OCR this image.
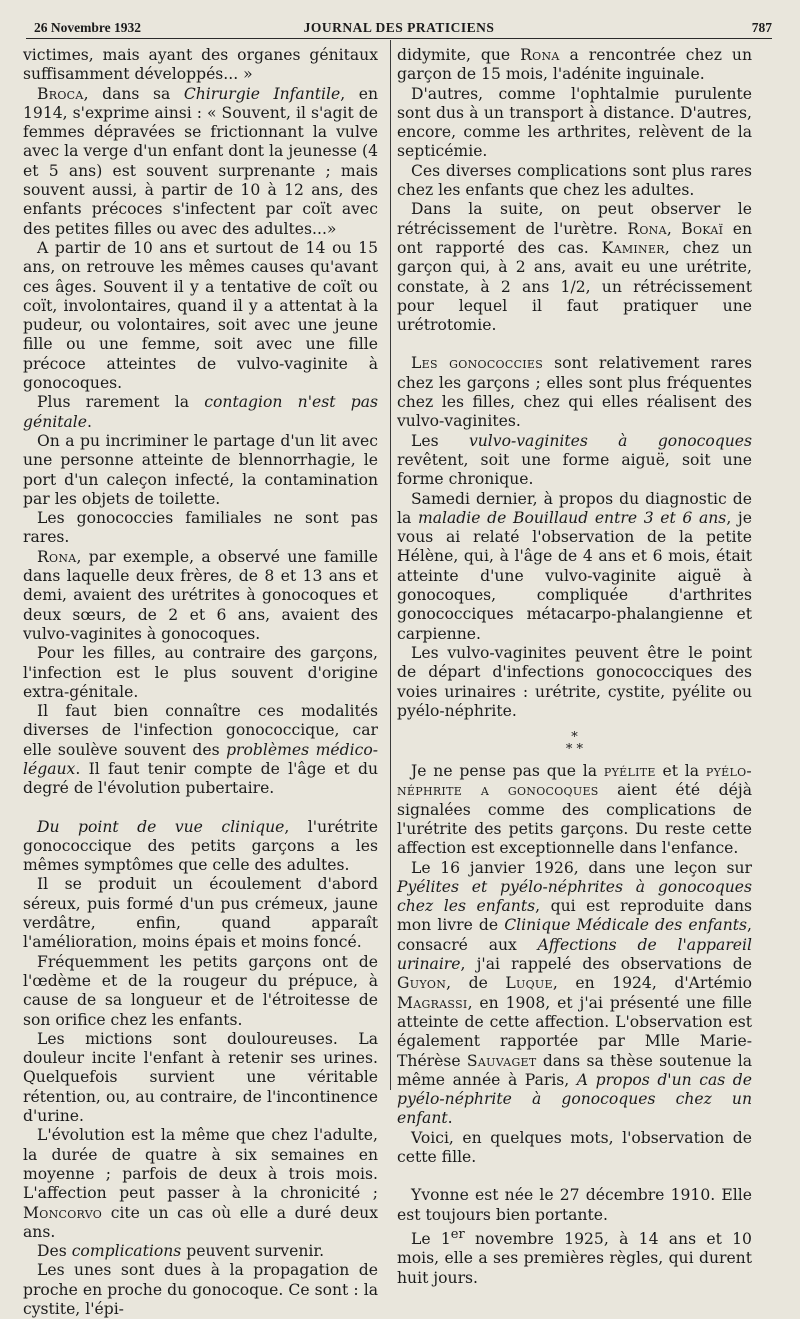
26 Novembre 1932	JOURNAL DES PRATICIENS	787

victimes, mais ayant des organes génitaux suffisamment développés... »

Broca, dans sa Chirurgie Infantile, en 1914, s'exprime ainsi : « Souvent, il s'agit de femmes dépravées se frictionnant la vulve avec la verge d'un enfant dont la jeunesse (4 et 5 ans) est souvent surprenante ; mais souvent aussi, à partir de 10 à 12 ans, des enfants précoces s'infectent par coït avec des petites filles ou avec des adultes...»

A partir de 10 ans et surtout de 14 ou 15 ans, on retrouve les mêmes causes qu'avant ces âges. Souvent il y a tentative de coït ou coït, involontaires, quand il y a attentat à la pudeur, ou volontaires, soit avec une jeune fille ou une femme, soit avec une fille précoce atteintes de vulvo-vaginite à gonocoques.

Plus rarement la contagion n'est pas génitale.

On a pu incriminer le partage d'un lit avec une personne atteinte de blennorrhagie, le port d'un caleçon infecté, la contamination par les objets de toilette.

Les gonococcies familiales ne sont pas rares.

Rona, par exemple, a observé une famille dans laquelle deux frères, de 8 et 13 ans et demi, avaient des urétrites à gonocoques et deux sœurs, de 2 et 6 ans, avaient des vulvo-vaginites à gonocoques.

Pour les filles, au contraire des garçons, l'infection est le plus souvent d'origine extra-génitale.

Il faut bien connaître ces modalités diverses de l'infection gonococcique, car elle soulève souvent des problèmes médico-légaux. Il faut tenir compte de l'âge et du degré de l'évolution pubertaire.

Du point de vue clinique, l'urétrite gonococcique des petits garçons a les mêmes symptômes que celle des adultes.

Il se produit un écoulement d'abord séreux, puis formé d'un pus crémeux, jaune verdâtre, enfin, quand apparaît l'amélioration, moins épais et moins foncé.

Fréquemment les petits garçons ont de l'œdème et de la rougeur du prépuce, à cause de sa longueur et de l'étroitesse de son orifice chez les enfants.

Les mictions sont douloureuses. La douleur incite l'enfant à retenir ses urines. Quelquefois survient une véritable rétention, ou, au contraire, de l'incontinence d'urine.

L'évolution est la même que chez l'adulte, la durée de quatre à six semaines en moyenne ; parfois de deux à trois mois. L'affection peut passer à la chronicité ; Moncorvo cite un cas où elle a duré deux ans.

Des complications peuvent survenir.

Les unes sont dues à la propagation de proche en proche du gonocoque. Ce sont : la cystite, l'épi-

didymite, que Rona a rencontrée chez un garçon de 15 mois, l'adénite inguinale.

D'autres, comme l'ophtalmie purulente sont dus à un transport à distance. D'autres, encore, comme les arthrites, relèvent de la septicémie.

Ces diverses complications sont plus rares chez les enfants que chez les adultes.

Dans la suite, on peut observer le rétrécissement de l'urètre. Rona, Bokaï en ont rapporté des cas. Kaminer, chez un garçon qui, à 2 ans, avait eu une urétrite, constate, à 2 ans 1/2, un rétrécissement pour lequel il faut pratiquer une urétrotomie.

Les gonococcies sont relativement rares chez les garçons ; elles sont plus fréquentes chez les filles, chez qui elles réalisent des vulvo-vaginites.

Les vulvo-vaginites à gonocoques revêtent, soit une forme aiguë, soit une forme chronique.

Samedi dernier, à propos du diagnostic de la maladie de Bouillaud entre 3 et 6 ans, je vous ai relaté l'observation de la petite Hélène, qui, à l'âge de 4 ans et 6 mois, était atteinte d'une vulvo-vaginite aiguë à gonocoques, compliquée d'arthrites gonococciques métacarpo-phalangienne et carpienne.

Les vulvo-vaginites peuvent être le point de départ d'infections gonococciques des voies urinaires : urétrite, cystite, pyélite ou pyélo-néphrite.

*
* *

Je ne pense pas que la pyélite et la pyélo-néphrite a gonocoques aient été déjà signalées comme des complications de l'urétrite des petits garçons. Du reste cette affection est exceptionnelle dans l'enfance.

Le 16 janvier 1926, dans une leçon sur Pyélites et pyélo-néphrites à gonocoques chez les enfants, qui est reproduite dans mon livre de Clinique Médicale des enfants, consacré aux Affections de l'appareil urinaire, j'ai rappelé des observations de Guyon, de Luque, en 1924, d'Artémio Magrassi, en 1908, et j'ai présenté une fille atteinte de cette affection. L'observation est également rapportée par Mlle Marie-Thérèse Sauvaget dans sa thèse soutenue la même année à Paris, A propos d'un cas de pyélo-néphrite à gonocoques chez un enfant.

Voici, en quelques mots, l'observation de cette fille.

Yvonne est née le 27 décembre 1910. Elle est toujours bien portante.

Le 1er novembre 1925, à 14 ans et 10 mois, elle a ses premières règles, qui durent huit jours.
